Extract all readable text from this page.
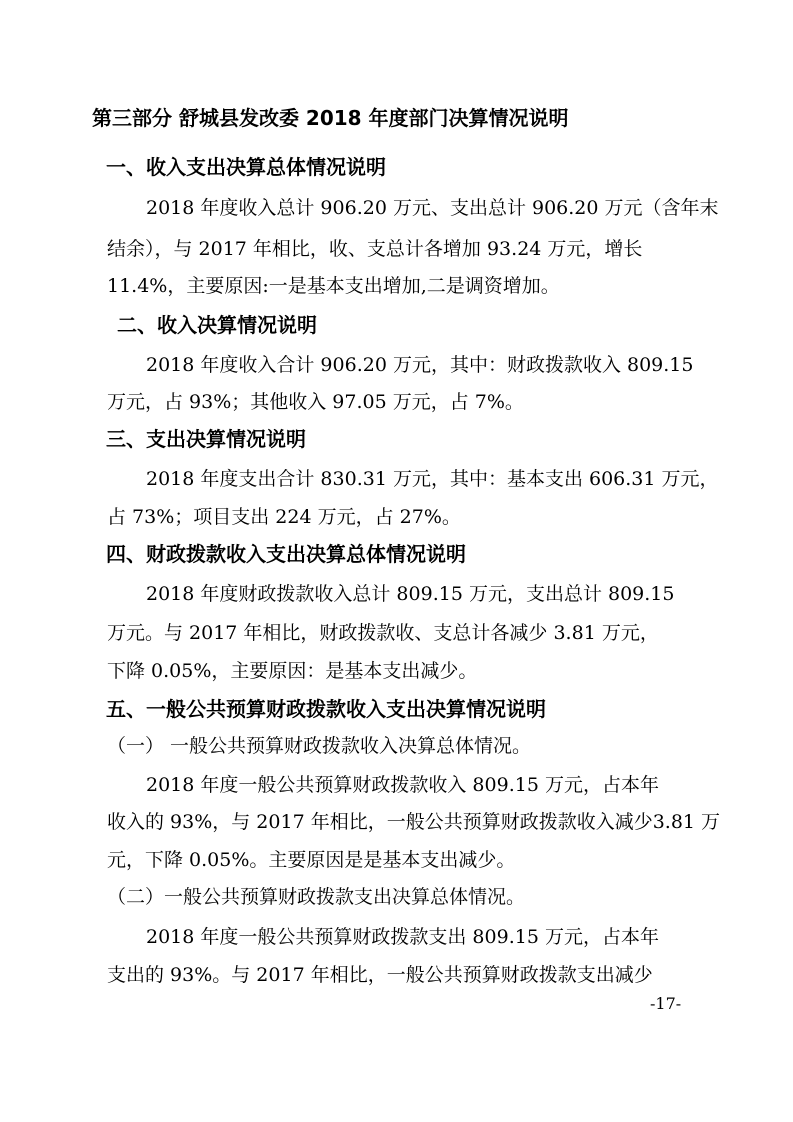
第三部分 舒城县发改委 2018 年度部门决算情况说明
一、收入支出决算总体情况说明
2018 年度收入总计 906.20 万元、支出总计 906.20 万元（含年末
结余），与 2017 年相比，收、支总计各增加 93.24 万元，增长
11.4%，主要原因:一是基本支出增加,二是调资增加。
二、收入决算情况说明
2018 年度收入合计 906.20 万元，其中：财政拨款收入 809.15
万元，占 93%；其他收入 97.05 万元，占 7%。
三、支出决算情况说明
2018 年度支出合计 830.31 万元，其中：基本支出 606.31 万元，
占 73%；项目支出 224 万元，占 27%。
四、财政拨款收入支出决算总体情况说明
2018 年度财政拨款收入总计 809.15 万元，支出总计 809.15
万元。与 2017 年相比，财政拨款收、支总计各减少 3.81 万元，
下降 0.05%，主要原因：是基本支出减少。
五、一般公共预算财政拨款收入支出决算情况说明
（一） 一般公共预算财政拨款收入决算总体情况。
2018 年度一般公共预算财政拨款收入 809.15 万元，占本年
收入的 93%，与 2017 年相比，一般公共预算财政拨款收入减少3.81 万
元，下降 0.05%。主要原因是是基本支出减少。
（二）一般公共预算财政拨款支出决算总体情况。
2018 年度一般公共预算财政拨款支出 809.15 万元，占本年
支出的 93%。与 2017 年相比，一般公共预算财政拨款支出减少
-17-
